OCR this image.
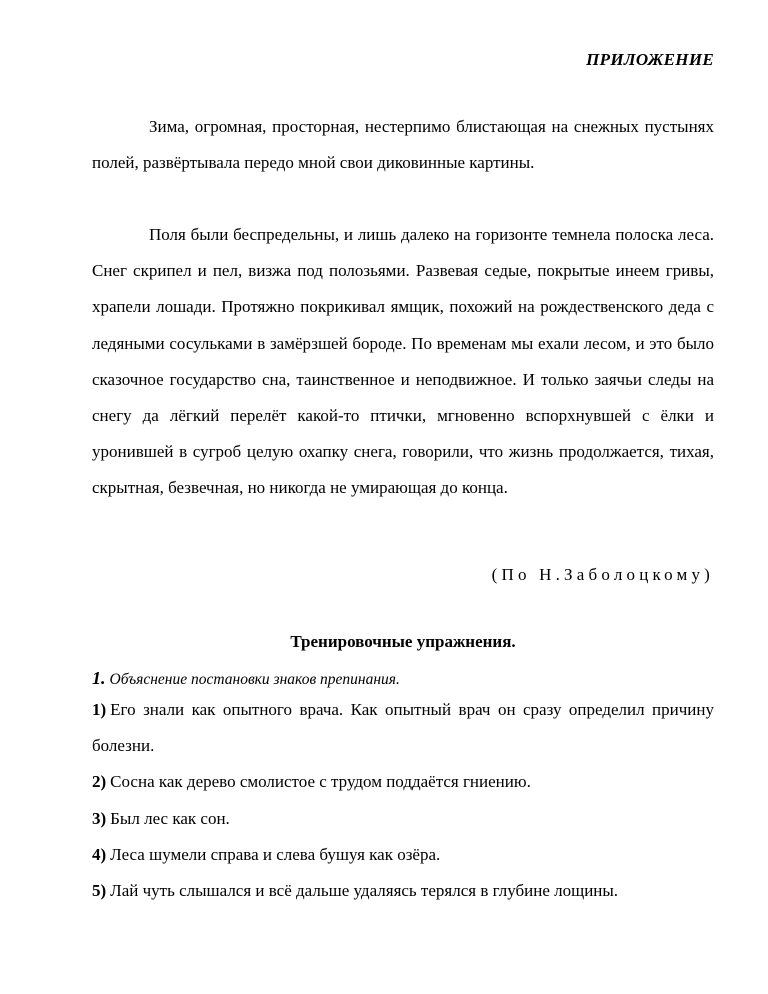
ПРИЛОЖЕНИЕ
Зима, огромная, просторная, нестерпимо блистающая на снежных пустынях полей, развёртывала передо мной свои диковинные картины.
Поля были беспредельны, и лишь далеко на горизонте темнела полоска леса. Снег скрипел и пел, визжа под полозьями. Развевая седые, покрытые инеем гривы, храпели лошади. Протяжно покрикивал ямщик, похожий на рождественского деда с ледяными сосульками в замёрзшей бороде. По временам мы ехали лесом, и это было сказочное государство сна, таинственное и неподвижное. И только заячьи следы на снегу да лёгкий перелёт какой-то птички, мгновенно вспорхнувшей с ёлки и уронившей в сугроб целую охапку снега, говорили, что жизнь продолжается, тихая, скрытная, безвечная, но никогда не умирающая до конца.
(По Н.Заболоцкому)
Тренировочные упражнения.
1. Объяснение постановки знаков препинания.
1) Его знали как опытного врача. Как опытный врач он сразу определил причину болезни.
2) Сосна как дерево смолистое с трудом поддаётся гниению.
3) Был лес как сон.
4) Леса шумели справа и слева бушуя как озёра.
5) Лай чуть слышался и всё дальше удаляясь терялся в глубине лощины.
